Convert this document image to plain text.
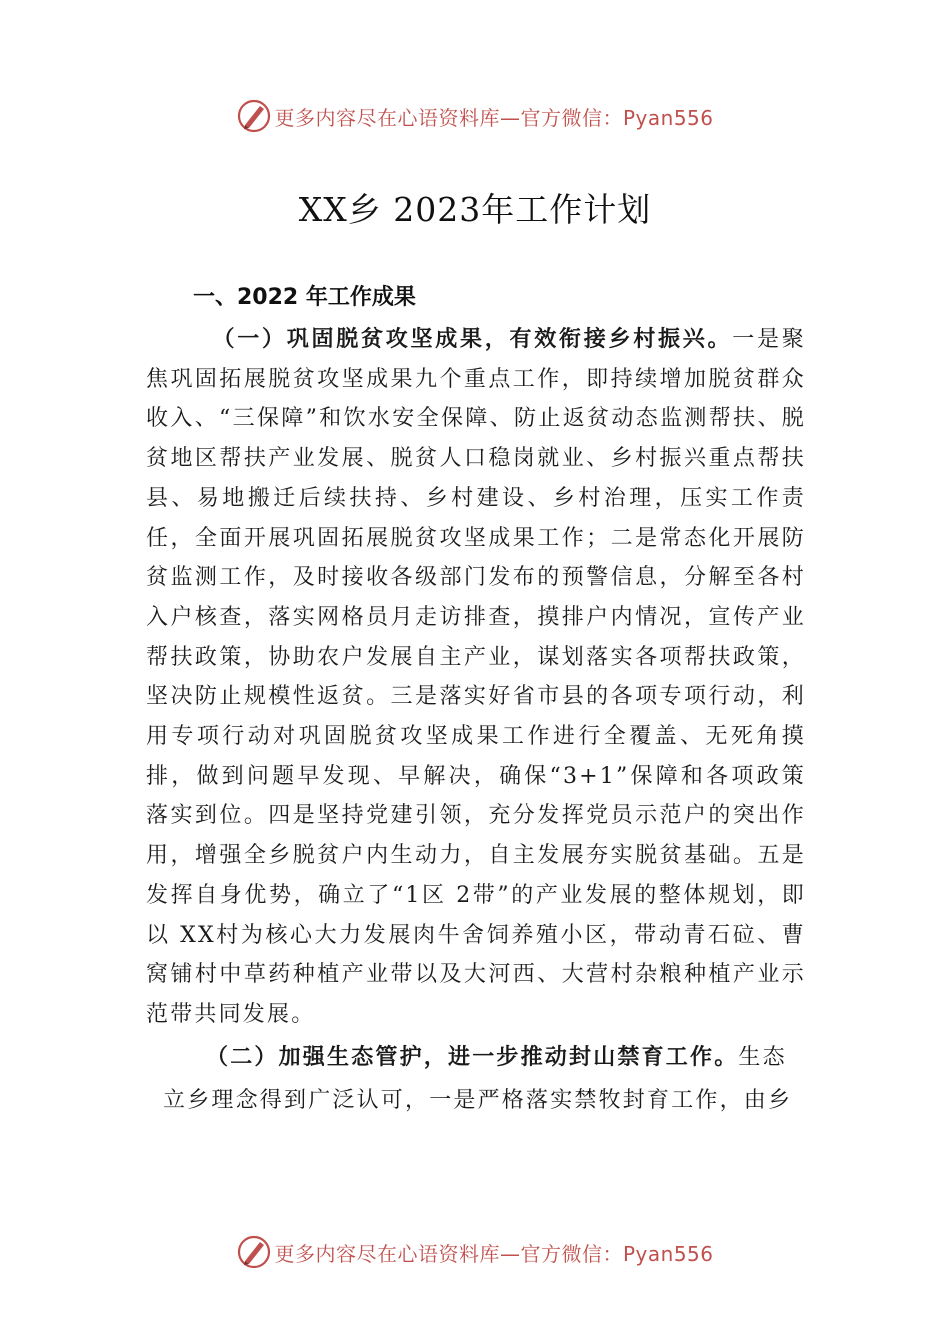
更多内容尽在心语资料库—官方微信：Pyan556
XX乡 2023年工作计划
一、2022 年工作成果

（一）巩固脱贫攻坚成果，有效衔接乡村振兴。一是聚焦巩固拓展脱贫攻坚成果九个重点工作，即持续增加脱贫群众收入、“三保障”和饮水安全保障、防止返贫动态监测帮扶、脱贫地区帮扶产业发展、脱贫人口稳岗就业、乡村振兴重点帮扶县、易地搬迁后续扶持、乡村建设、乡村治理，压实工作责任，全面开展巩固拓展脱贫攻坚成果工作；二是常态化开展防贫监测工作，及时接收各级部门发布的预警信息，分解至各村入户核查，落实网格员月走访排查，摸排户内情况，宣传产业帮扶政策，协助农户发展自主产业，谋划落实各项帮扶政策，坚决防止规模性返贫。三是落实好省市县的各项专项行动，利用专项行动对巩固脱贫攻坚成果工作进行全覆盖、无死角摸排，做到问题早发现、早解决，确保“3+1”保障和各项政策落实到位。四是坚持党建引领，充分发挥党员示范户的突出作用，增强全乡脱贫户内生动力，自主发展夯实脱贫基础。五是发挥自身优势，确立了“1区 2带”的产业发展的整体规划，即以 XX村为核心大力发展肉牛舍饲养殖小区，带动青石砬、曹窝铺村中草药种植产业带以及大河西、大营村杂粮种植产业示范带共同发展。

（二）加强生态管护，进一步推动封山禁育工作。生态
立乡理念得到广泛认可，一是严格落实禁牧封育工作，由乡
更多内容尽在心语资料库—官方微信：Pyan556
